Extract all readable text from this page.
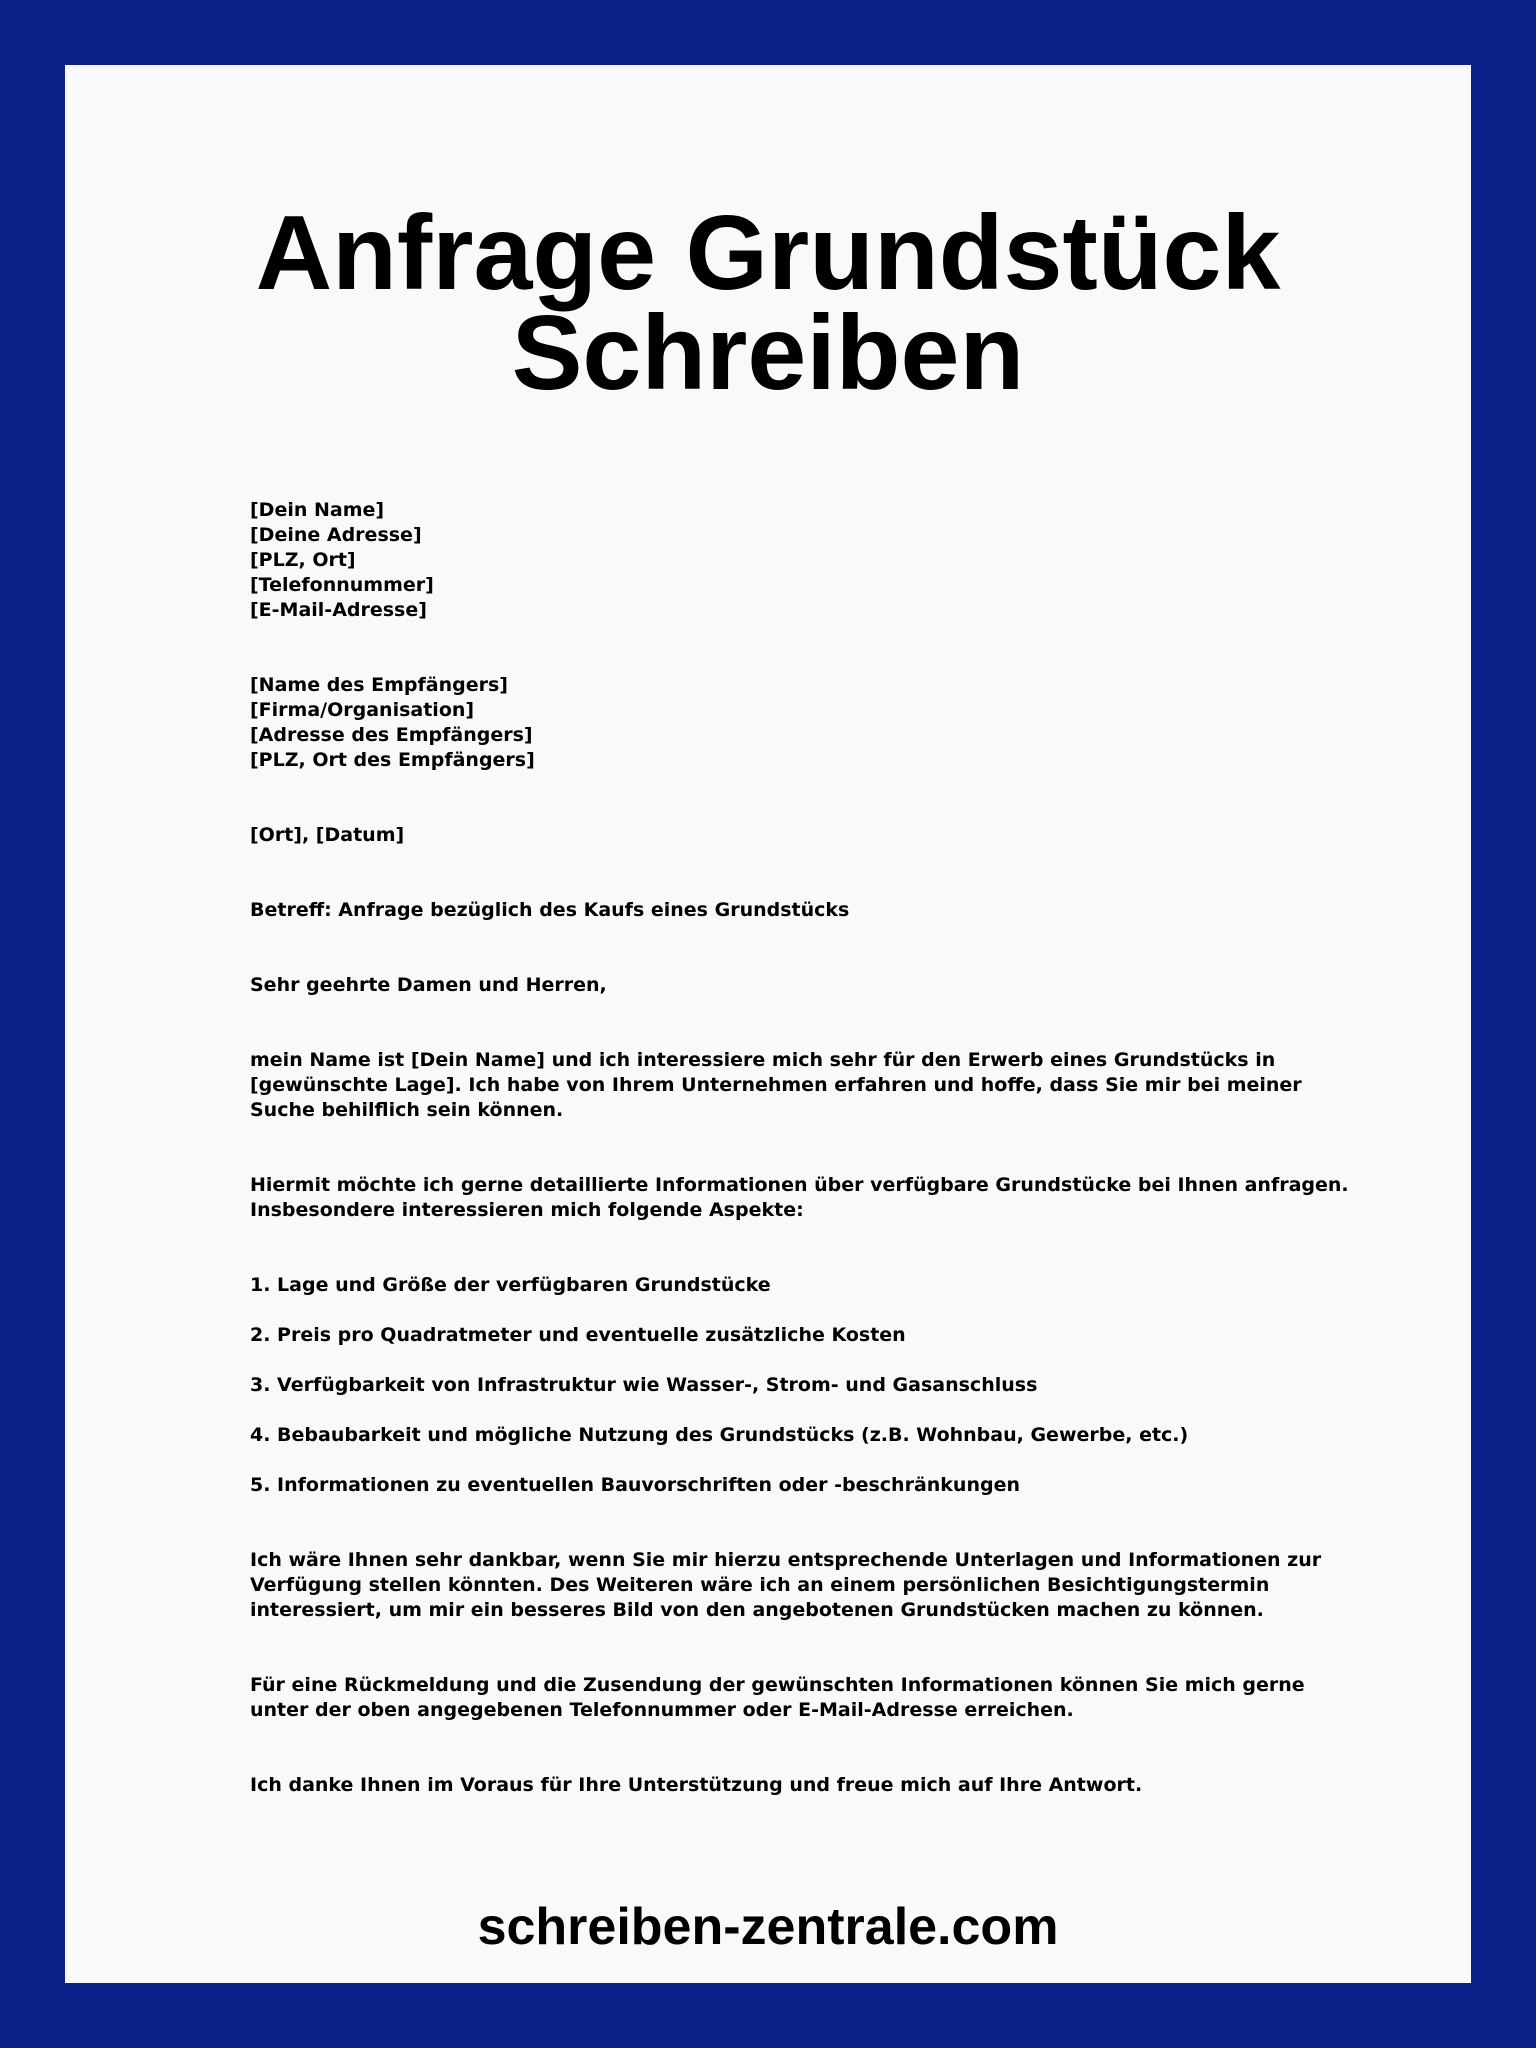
Anfrage Grundstück
Schreiben

[Dein Name]
[Deine Adresse]
[PLZ, Ort]
[Telefonnummer]
[E-Mail-Adresse]

[Name des Empfängers]
[Firma/Organisation]
[Adresse des Empfängers]
[PLZ, Ort des Empfängers]

[Ort], [Datum]

Betreff: Anfrage bezüglich des Kaufs eines Grundstücks

Sehr geehrte Damen und Herren,

mein Name ist [Dein Name] und ich interessiere mich sehr für den Erwerb eines Grundstücks in [gewünschte Lage]. Ich habe von Ihrem Unternehmen erfahren und hoffe, dass Sie mir bei meiner Suche behilflich sein können.

Hiermit möchte ich gerne detaillierte Informationen über verfügbare Grundstücke bei Ihnen anfragen. Insbesondere interessieren mich folgende Aspekte:

1. Lage und Größe der verfügbaren Grundstücke

2. Preis pro Quadratmeter und eventuelle zusätzliche Kosten

3. Verfügbarkeit von Infrastruktur wie Wasser-, Strom- und Gasanschluss

4. Bebaubarkeit und mögliche Nutzung des Grundstücks (z.B. Wohnbau, Gewerbe, etc.)

5. Informationen zu eventuellen Bauvorschriften oder -beschränkungen

Ich wäre Ihnen sehr dankbar, wenn Sie mir hierzu entsprechende Unterlagen und Informationen zur Verfügung stellen könnten. Des Weiteren wäre ich an einem persönlichen Besichtigungstermin interessiert, um mir ein besseres Bild von den angebotenen Grundstücken machen zu können.

Für eine Rückmeldung und die Zusendung der gewünschten Informationen können Sie mich gerne unter der oben angegebenen Telefonnummer oder E-Mail-Adresse erreichen.

Ich danke Ihnen im Voraus für Ihre Unterstützung und freue mich auf Ihre Antwort.

schreiben-zentrale.com
